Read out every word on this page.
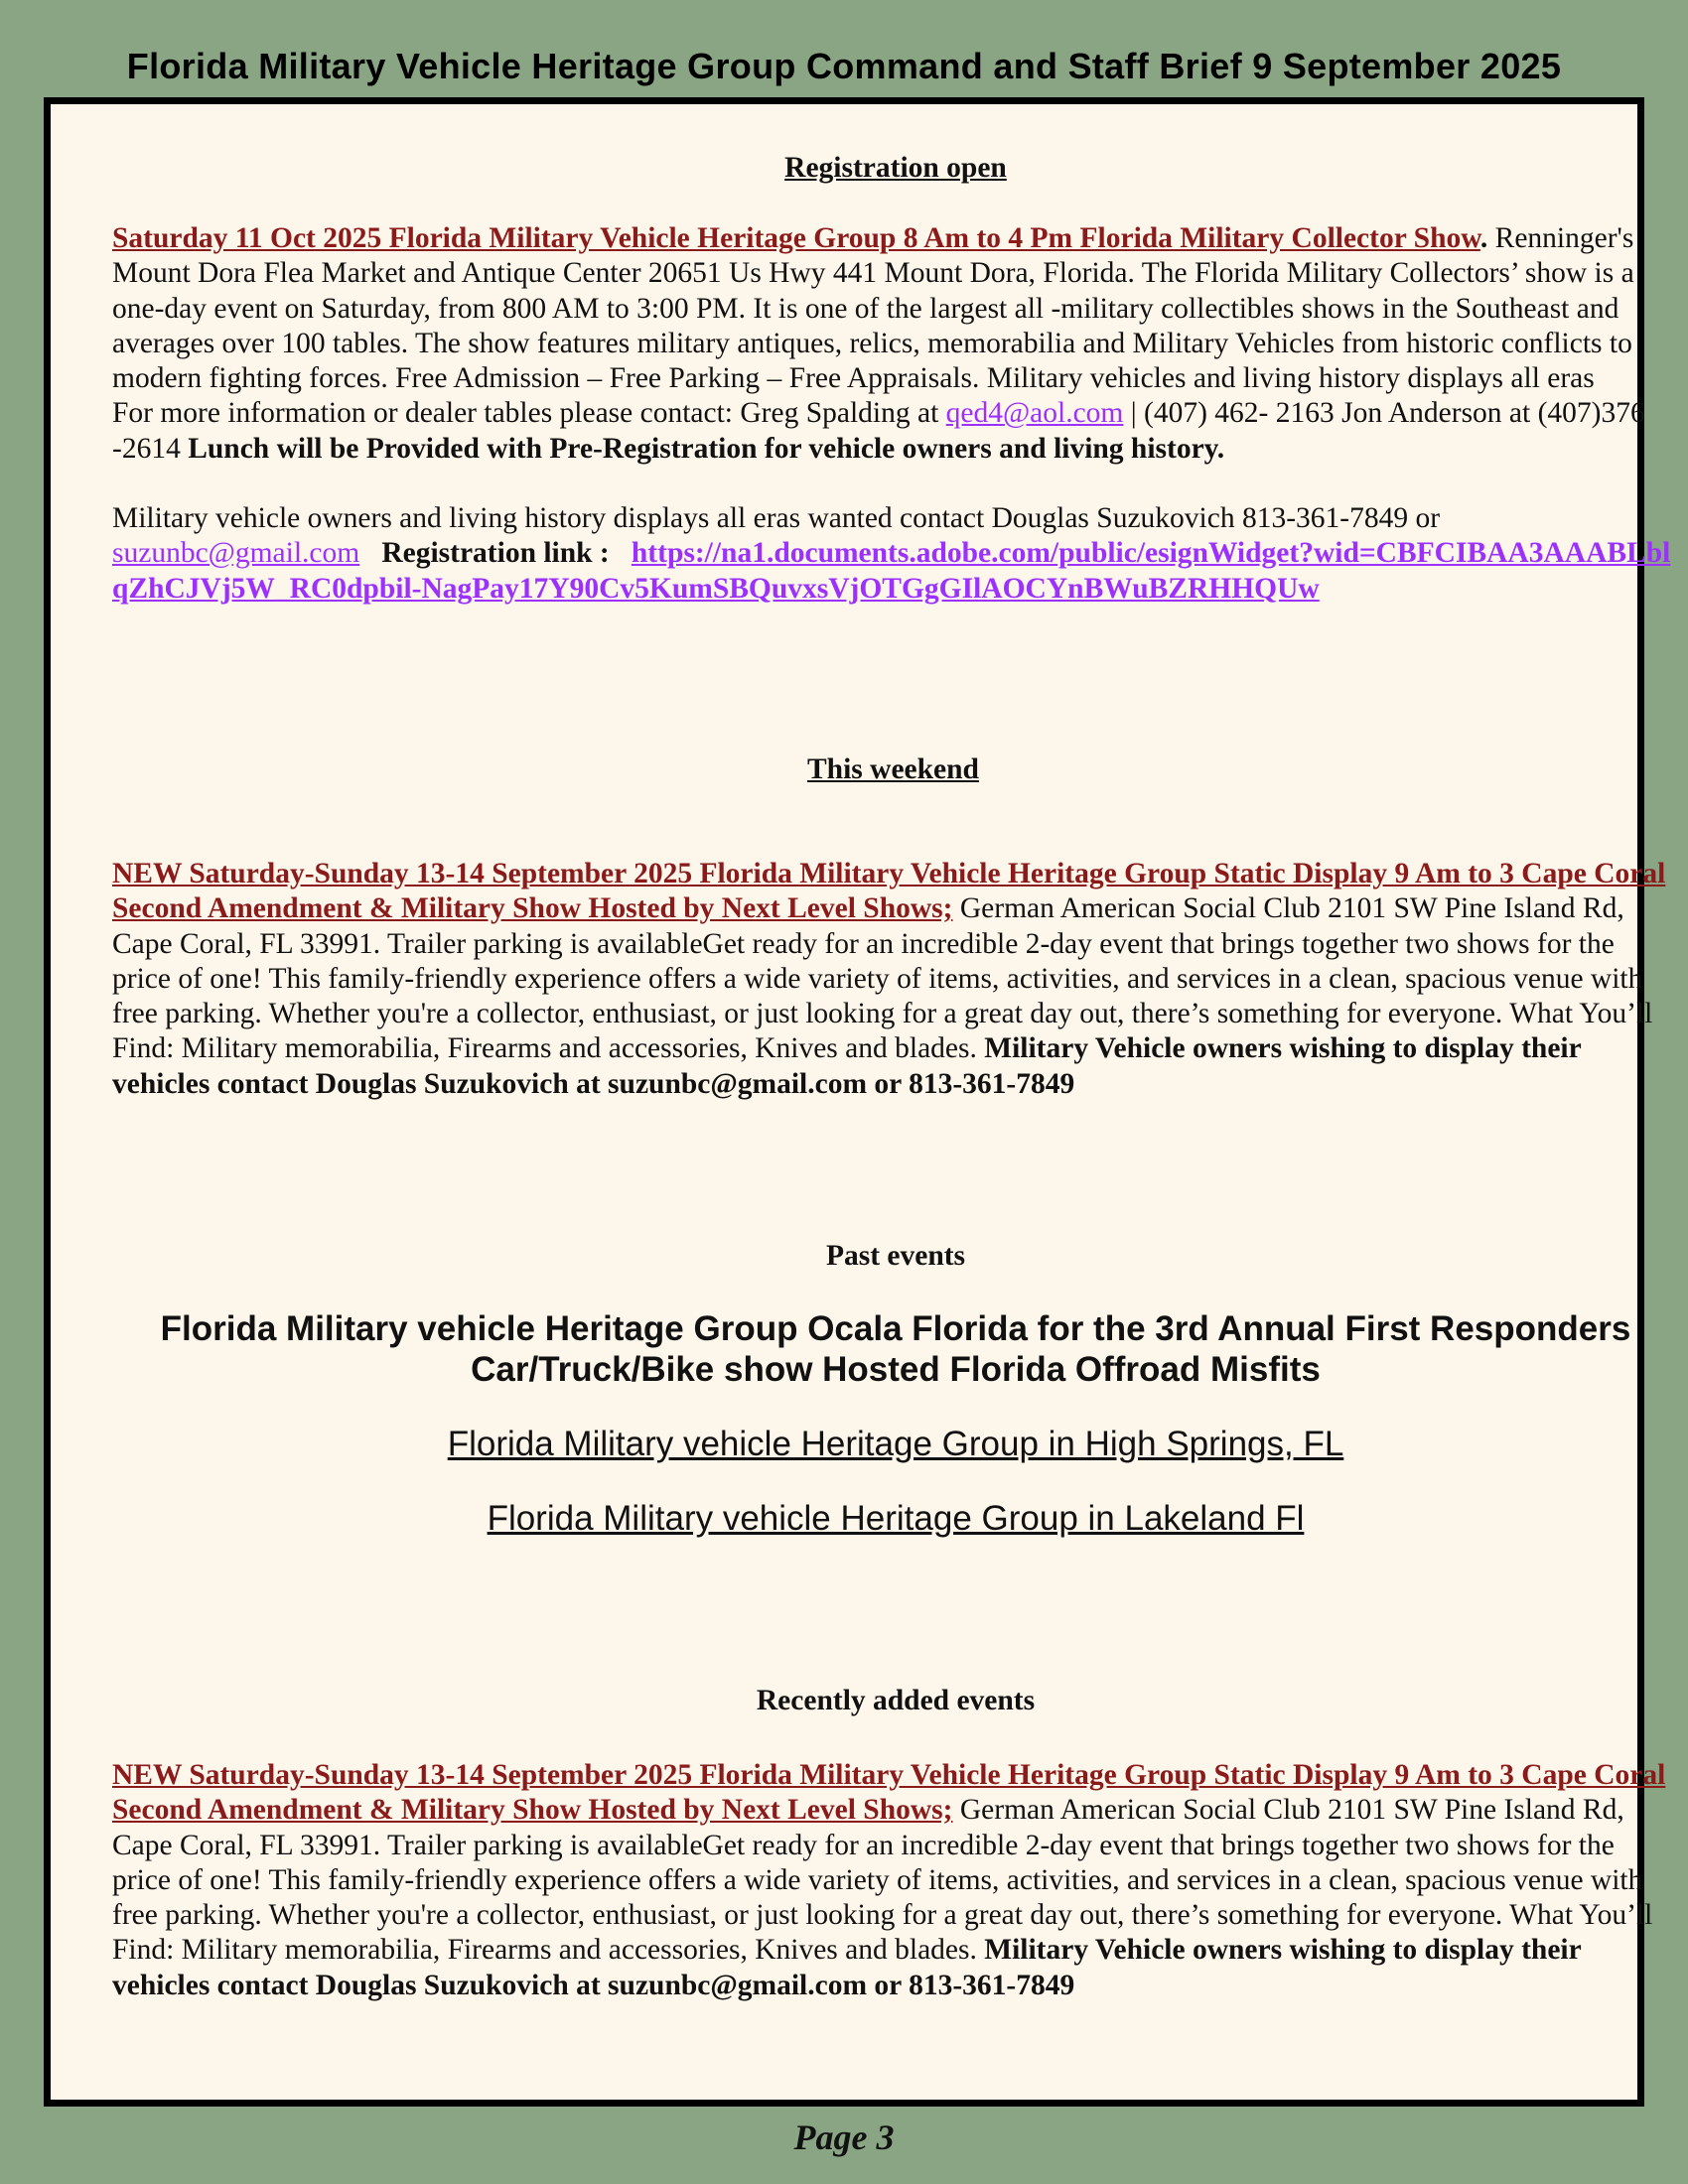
Florida Military Vehicle Heritage Group Command and Staff Brief 9 September 2025
Registration open
Saturday 11 Oct 2025 Florida Military Vehicle Heritage Group 8 Am to 4 Pm Florida Military Collector Show. Renninger's Mount Dora Flea Market and Antique Center 20651 Us Hwy 441 Mount Dora, Florida. The Florida Military Collectors’ show is a one-day event on Saturday, from 800 AM to 3:00 PM. It is one of the largest all -military collectibles shows in the Southeast and averages over 100 tables. The show features military antiques, relics, memorabilia and Military Vehicles from historic conflicts to modern fighting forces. Free Admission – Free Parking – Free Appraisals. Military vehicles and living history displays all eras
For more information or dealer tables please contact: Greg Spalding at qed4@aol.com | (407) 462- 2163 Jon Anderson at (407)376 -2614 Lunch will be Provided with Pre-Registration for vehicle owners and living history.
Military vehicle owners and living history displays all eras wanted contact Douglas Suzukovich 813-361-7849 or suzunbc@gmail.com   Registration link :   https://na1.documents.adobe.com/public/esignWidget?wid=CBFCIBAA3AAABLblqZhCJVj5W_RC0dpbil-NagPay17Y90Cv5KumSBQuvxsVjOTGgGIlAOCYnBWuBZRHHQUw
This weekend
NEW Saturday-Sunday 13-14 September 2025 Florida Military Vehicle Heritage Group Static Display 9 Am to 3 Cape Coral Second Amendment & Military Show Hosted by Next Level Shows; German American Social Club 2101 SW Pine Island Rd, Cape Coral, FL 33991. Trailer parking is availableGet ready for an incredible 2-day event that brings together two shows for the price of one! This family-friendly experience offers a wide variety of items, activities, and services in a clean, spacious venue with free parking. Whether you're a collector, enthusiast, or just looking for a great day out, there’s something for everyone. What You’ll Find: Military memorabilia, Firearms and accessories, Knives and blades. Military Vehicle owners wishing to display their vehicles contact Douglas Suzukovich at suzunbc@gmail.com or 813-361-7849
Past events
Florida Military vehicle Heritage Group Ocala Florida for the 3rd Annual First Responders Car/Truck/Bike show Hosted Florida Offroad Misfits
Florida Military vehicle Heritage Group in High Springs, FL
Florida Military vehicle Heritage Group in Lakeland Fl
Recently added events
NEW Saturday-Sunday 13-14 September 2025 Florida Military Vehicle Heritage Group Static Display 9 Am to 3 Cape Coral Second Amendment & Military Show Hosted by Next Level Shows; German American Social Club 2101 SW Pine Island Rd, Cape Coral, FL 33991. Trailer parking is availableGet ready for an incredible 2-day event that brings together two shows for the price of one! This family-friendly experience offers a wide variety of items, activities, and services in a clean, spacious venue with free parking. Whether you're a collector, enthusiast, or just looking for a great day out, there’s something for everyone. What You’ll Find: Military memorabilia, Firearms and accessories, Knives and blades. Military Vehicle owners wishing to display their vehicles contact Douglas Suzukovich at suzunbc@gmail.com or 813-361-7849
Page 3
